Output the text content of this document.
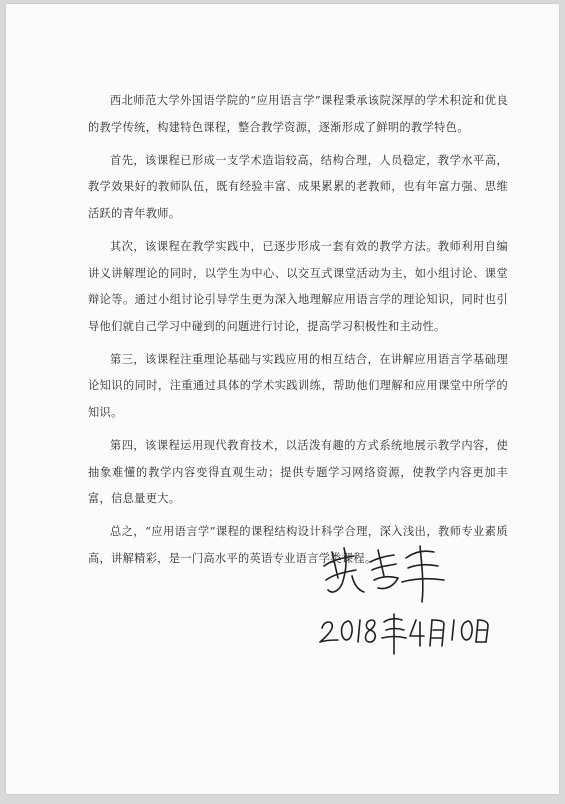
西北师范大学外国语学院的“应用语言学”课程秉承该院深厚的学术积淀和优良的教学传统，构建特色课程，整合教学资源，逐渐形成了鲜明的教学特色。

首先，该课程已形成一支学术造诣较高，结构合理，人员稳定，教学水平高，教学效果好的教师队伍，既有经验丰富、成果累累的老教师，也有年富力强、思维活跃的青年教师。

其次，该课程在教学实践中，已逐步形成一套有效的教学方法。教师利用自编讲义讲解理论的同时，以学生为中心、以交互式课堂活动为主，如小组讨论、课堂辩论等。通过小组讨论引导学生更为深入地理解应用语言学的理论知识，同时也引导他们就自己学习中碰到的问题进行讨论，提高学习积极性和主动性。

第三，该课程注重理论基础与实践应用的相互结合，在讲解应用语言学基础理论知识的同时，注重通过具体的学术实践训练，帮助他们理解和应用课堂中所学的知识。

第四，该课程运用现代教育技术，以活泼有趣的方式系统地展示教学内容，使抽象难懂的教学内容变得直观生动；提供专题学习网络资源，使教学内容更加丰富，信息量更大。

总之，“应用语言学”课程的课程结构设计科学合理，深入浅出，教师专业素质高，讲解精彩，是一门高水平的英语专业语言学类课程。
